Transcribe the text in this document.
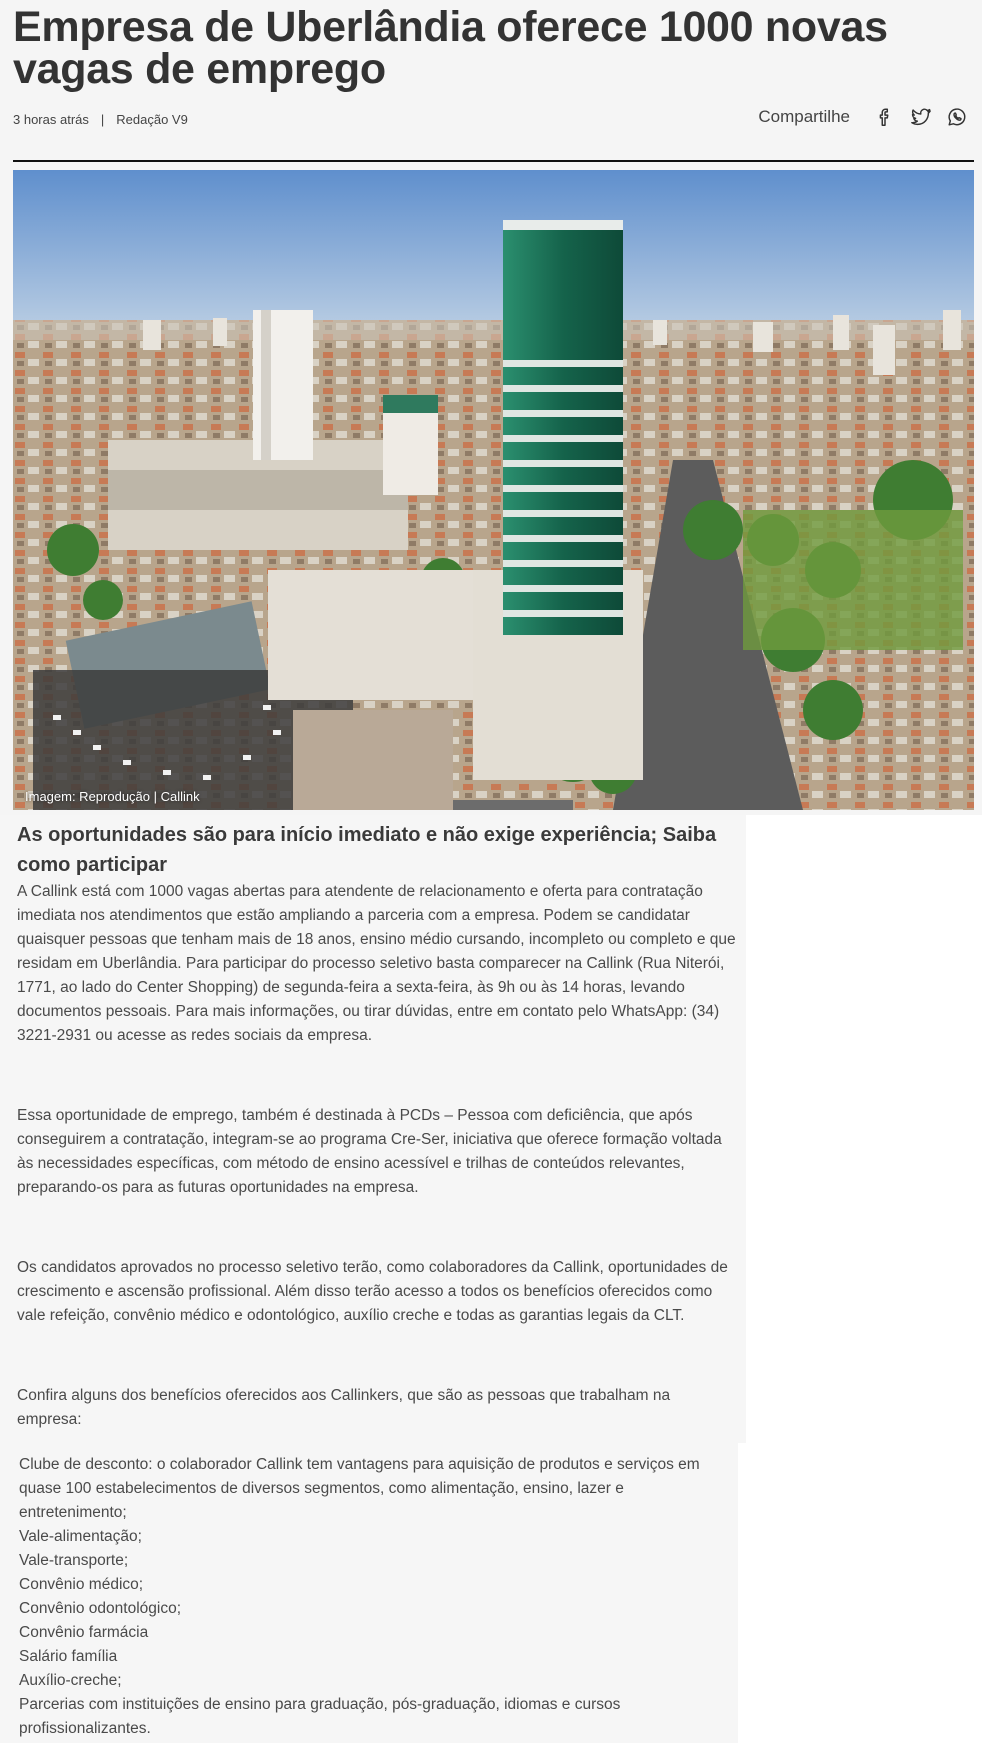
Empresa de Uberlândia oferece 1000 novas vagas de emprego
3 horas atrás | Redação V9	Compartilhe
Imagem: Reprodução | Callink
As oportunidades são para início imediato e não exige experiência; Saiba como participar

A Callink está com 1000 vagas abertas para atendente de relacionamento e oferta para contratação imediata nos atendimentos que estão ampliando a parceria com a empresa. Podem se candidatar quaisquer pessoas que tenham mais de 18 anos, ensino médio cursando, incompleto ou completo e que residam em Uberlândia. Para participar do processo seletivo basta comparecer na Callink (Rua Niterói, 1771, ao lado do Center Shopping) de segunda-feira a sexta-feira, às 9h ou às 14 horas, levando documentos pessoais. Para mais informações, ou tirar dúvidas, entre em contato pelo WhatsApp: (34) 3221-2931 ou acesse as redes sociais da empresa.

Essa oportunidade de emprego, também é destinada à PCDs – Pessoa com deficiência, que após conseguirem a contratação, integram-se ao programa Cre-Ser, iniciativa que oferece formação voltada às necessidades específicas, com método de ensino acessível e trilhas de conteúdos relevantes, preparando-os para as futuras oportunidades na empresa.

Os candidatos aprovados no processo seletivo terão, como colaboradores da Callink, oportunidades de crescimento e ascensão profissional. Além disso terão acesso a todos os benefícios oferecidos como vale refeição, convênio médico e odontológico, auxílio creche e todas as garantias legais da CLT.

Confira alguns dos benefícios oferecidos aos Callinkers, que são as pessoas que trabalham na empresa:

Clube de desconto: o colaborador Callink tem vantagens para aquisição de produtos e serviços em quase 100 estabelecimentos de diversos segmentos, como alimentação, ensino, lazer e entretenimento;
Vale-alimentação;
Vale-transporte;
Convênio médico;
Convênio odontológico;
Convênio farmácia
Salário família
Auxílio-creche;
Parcerias com instituições de ensino para graduação, pós-graduação, idiomas e cursos profissionalizantes.
